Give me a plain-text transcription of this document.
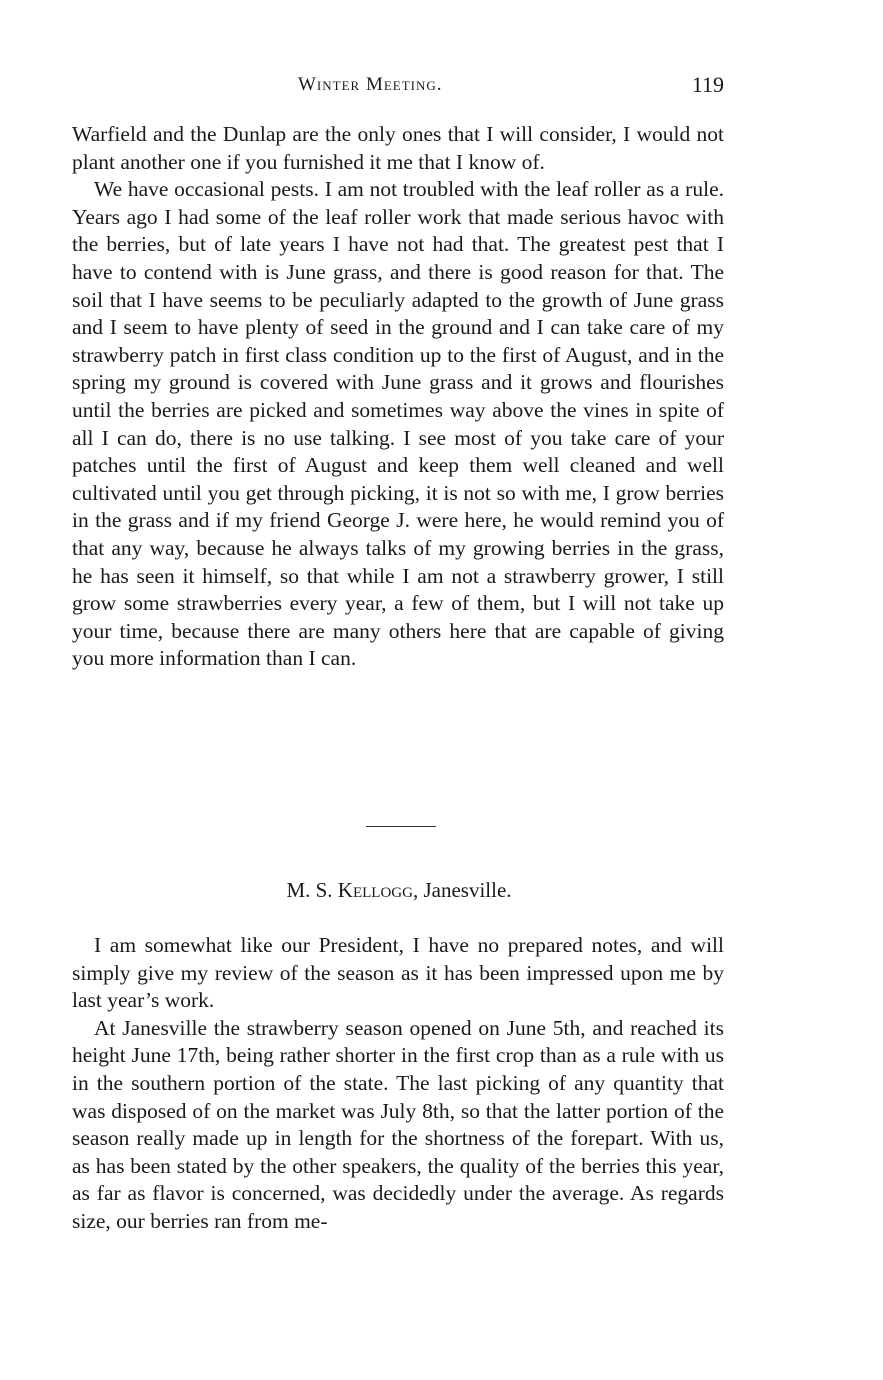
Winter Meeting.	119

Warfield and the Dunlap are the only ones that I will consider, I would not plant another one if you furnished it me that I know of.

We have occasional pests. I am not troubled with the leaf roller as a rule. Years ago I had some of the leaf roller work that made serious havoc with the berries, but of late years I have not had that. The greatest pest that I have to contend with is June grass, and there is good reason for that. The soil that I have seems to be peculiarly adapted to the growth of June grass and I seem to have plenty of seed in the ground and I can take care of my strawberry patch in first class condition up to the first of August, and in the spring my ground is covered with June grass and it grows and flourishes until the berries are picked and sometimes way above the vines in spite of all I can do, there is no use talking. I see most of you take care of your patches until the first of August and keep them well cleaned and well cultivated until you get through picking, it is not so with me, I grow berries in the grass and if my friend George J. were here, he would remind you of that any way, because he always talks of my growing berries in the grass, he has seen it himself, so that while I am not a strawberry grower, I still grow some strawberries every year, a few of them, but I will not take up your time, because there are many others here that are capable of giving you more information than I can.

M. S. Kellogg, Janesville.

I am somewhat like our President, I have no prepared notes, and will simply give my review of the season as it has been impressed upon me by last year’s work.

At Janesville the strawberry season opened on June 5th, and reached its height June 17th, being rather shorter in the first crop than as a rule with us in the southern portion of the state. The last picking of any quantity that was disposed of on the market was July 8th, so that the latter portion of the season really made up in length for the shortness of the forepart. With us, as has been stated by the other speakers, the quality of the berries this year, as far as flavor is concerned, was decidedly under the average. As regards size, our berries ran from me-
